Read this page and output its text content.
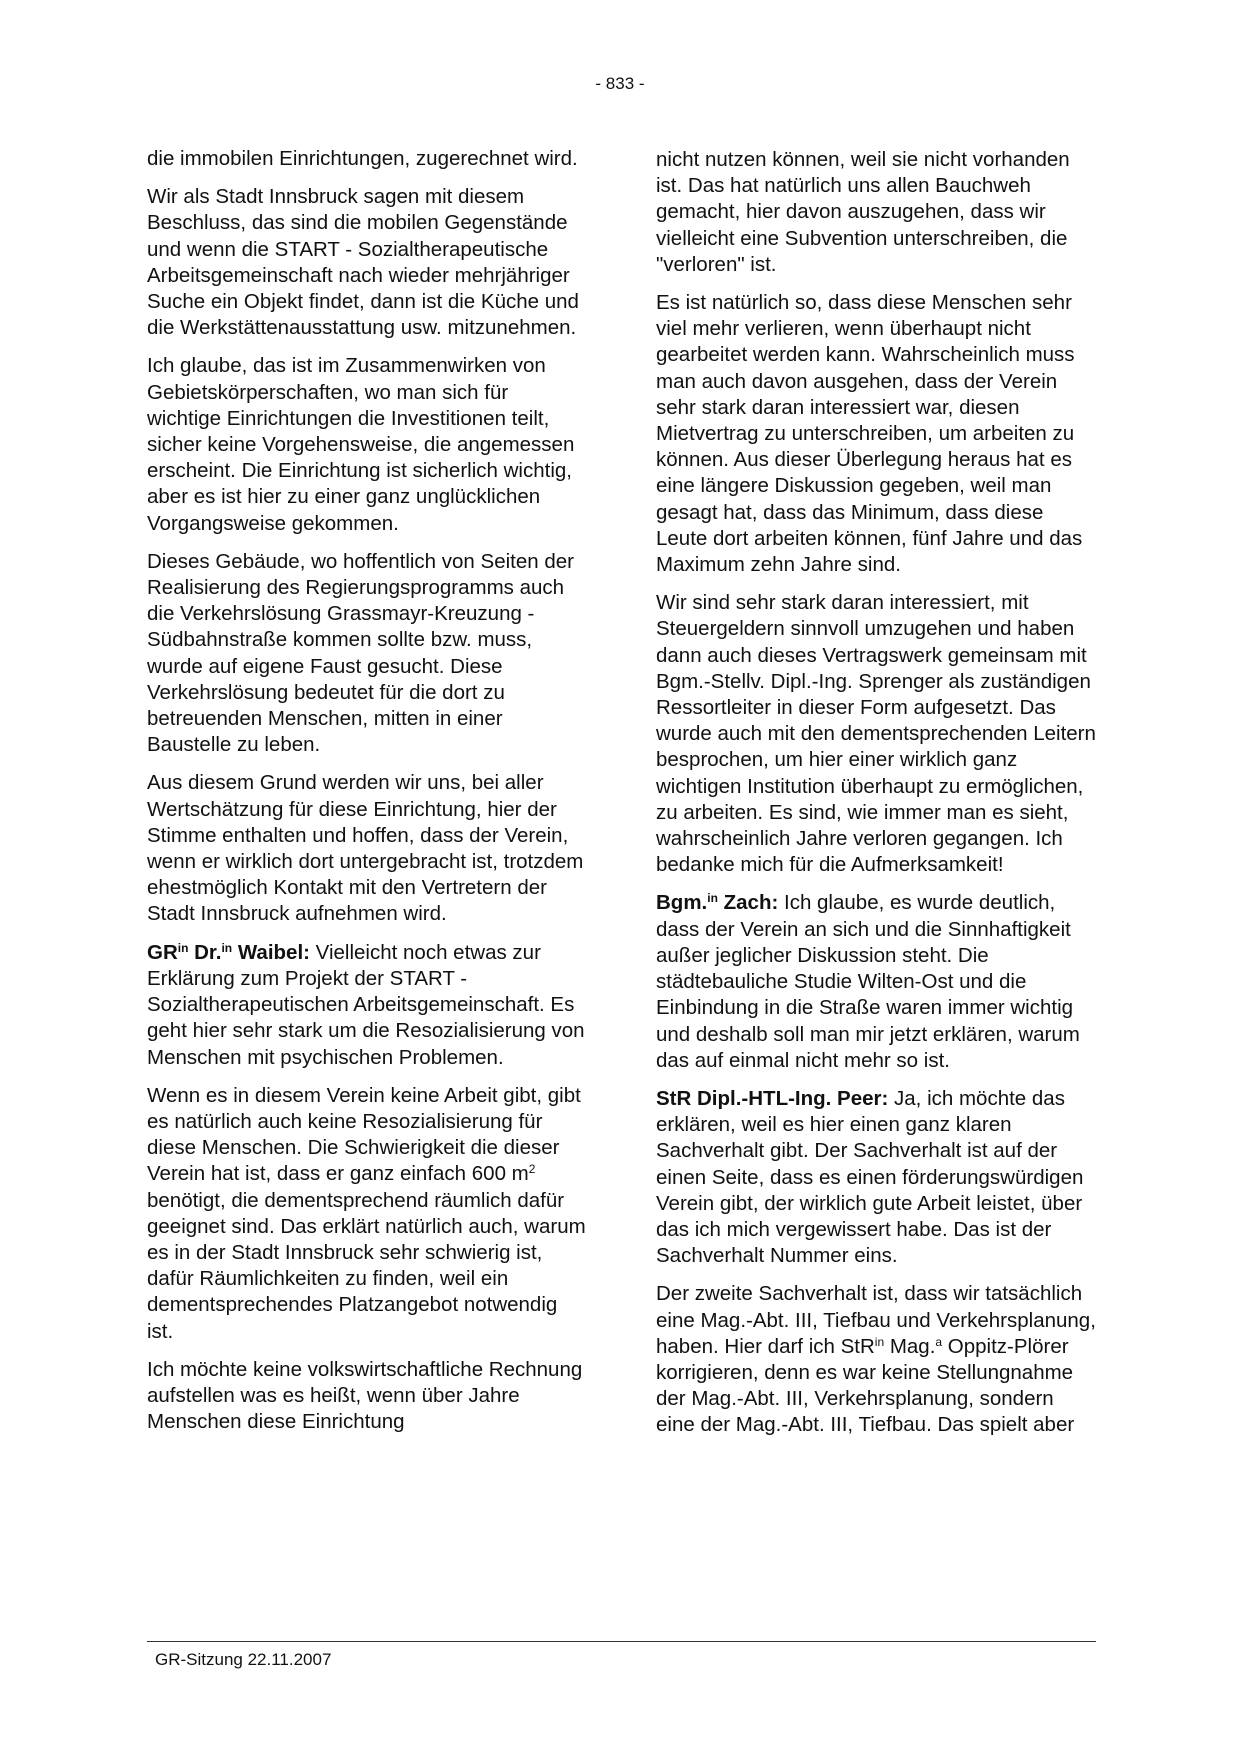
- 833 -

die immobilen Einrichtungen, zugerechnet wird.

Wir als Stadt Innsbruck sagen mit diesem Beschluss, das sind die mobilen Gegenstände und wenn die START - Sozialtherapeutische Arbeitsgemeinschaft nach wieder mehrjähriger Suche ein Objekt findet, dann ist die Küche und die Werkstättenausstattung usw. mitzunehmen.

Ich glaube, das ist im Zusammenwirken von Gebietskörperschaften, wo man sich für wichtige Einrichtungen die Investitionen teilt, sicher keine Vorgehensweise, die angemessen erscheint. Die Einrichtung ist sicherlich wichtig, aber es ist hier zu einer ganz unglücklichen Vorgangsweise gekommen.

Dieses Gebäude, wo hoffentlich von Seiten der Realisierung des Regierungsprogramms auch die Verkehrslösung Grassmayr-Kreuzung - Südbahnstraße kommen sollte bzw. muss, wurde auf eigene Faust gesucht. Diese Verkehrslösung bedeutet für die dort zu betreuenden Menschen, mitten in einer Baustelle zu leben.

Aus diesem Grund werden wir uns, bei aller Wertschätzung für diese Einrichtung, hier der Stimme enthalten und hoffen, dass der Verein, wenn er wirklich dort untergebracht ist, trotzdem ehestmöglich Kontakt mit den Vertretern der Stadt Innsbruck aufnehmen wird.

$GR^{in}$ Dr.$^{in}$ Waibel: Vielleicht noch etwas zur Erklärung zum Projekt der START - Sozialtherapeutischen Arbeitsgemeinschaft. Es geht hier sehr stark um die Resozialisierung von Menschen mit psychischen Problemen.

Wenn es in diesem Verein keine Arbeit gibt, gibt es natürlich auch keine Resozialisierung für diese Menschen. Die Schwierigkeit die dieser Verein hat ist, dass er ganz einfach 600 $m^2$ benötigt, die dementsprechend räumlich dafür geeignet sind. Das erklärt natürlich auch, warum es in der Stadt Innsbruck sehr schwierig ist, dafür Räumlichkeiten zu finden, weil ein dementsprechendes Platzangebot notwendig ist.

Ich möchte keine volkswirtschaftliche Rechnung aufstellen was es heißt, wenn über Jahre Menschen diese Einrichtung

nicht nutzen können, weil sie nicht vorhanden ist. Das hat natürlich uns allen Bauchweh gemacht, hier davon auszugehen, dass wir vielleicht eine Subvention unterschreiben, die "verloren" ist.

Es ist natürlich so, dass diese Menschen sehr viel mehr verlieren, wenn überhaupt nicht gearbeitet werden kann. Wahrscheinlich muss man auch davon ausgehen, dass der Verein sehr stark daran interessiert war, diesen Mietvertrag zu unterschreiben, um arbeiten zu können. Aus dieser Überlegung heraus hat es eine längere Diskussion gegeben, weil man gesagt hat, dass das Minimum, dass diese Leute dort arbeiten können, fünf Jahre und das Maximum zehn Jahre sind.

Wir sind sehr stark daran interessiert, mit Steuergeldern sinnvoll umzugehen und haben dann auch dieses Vertragswerk gemeinsam mit Bgm.-Stellv. Dipl.-Ing. Sprenger als zuständigen Ressortleiter in dieser Form aufgesetzt. Das wurde auch mit den dementsprechenden Leitern besprochen, um hier einer wirklich ganz wichtigen Institution überhaupt zu ermöglichen, zu arbeiten. Es sind, wie immer man es sieht, wahrscheinlich Jahre verloren gegangen. Ich bedanke mich für die Aufmerksamkeit!

Bgm.$^{in}$ Zach: Ich glaube, es wurde deutlich, dass der Verein an sich und die Sinnhaftigkeit außer jeglicher Diskussion steht. Die städtebauliche Studie Wilten-Ost und die Einbindung in die Straße waren immer wichtig und deshalb soll man mir jetzt erklären, warum das auf einmal nicht mehr so ist.

StR Dipl.-HTL-Ing. Peer: Ja, ich möchte das erklären, weil es hier einen ganz klaren Sachverhalt gibt. Der Sachverhalt ist auf der einen Seite, dass es einen förderungswürdigen Verein gibt, der wirklich gute Arbeit leistet, über das ich mich vergewissert habe. Das ist der Sachverhalt Nummer eins.

Der zweite Sachverhalt ist, dass wir tatsächlich eine Mag.-Abt. III, Tiefbau und Verkehrsplanung, haben. Hier darf ich StR$^{in}$ Mag.$^a$ Oppitz-Plörer korrigieren, denn es war keine Stellungnahme der Mag.-Abt. III, Verkehrsplanung, sondern eine der Mag.-Abt. III, Tiefbau. Das spielt aber

GR-Sitzung 22.11.2007
